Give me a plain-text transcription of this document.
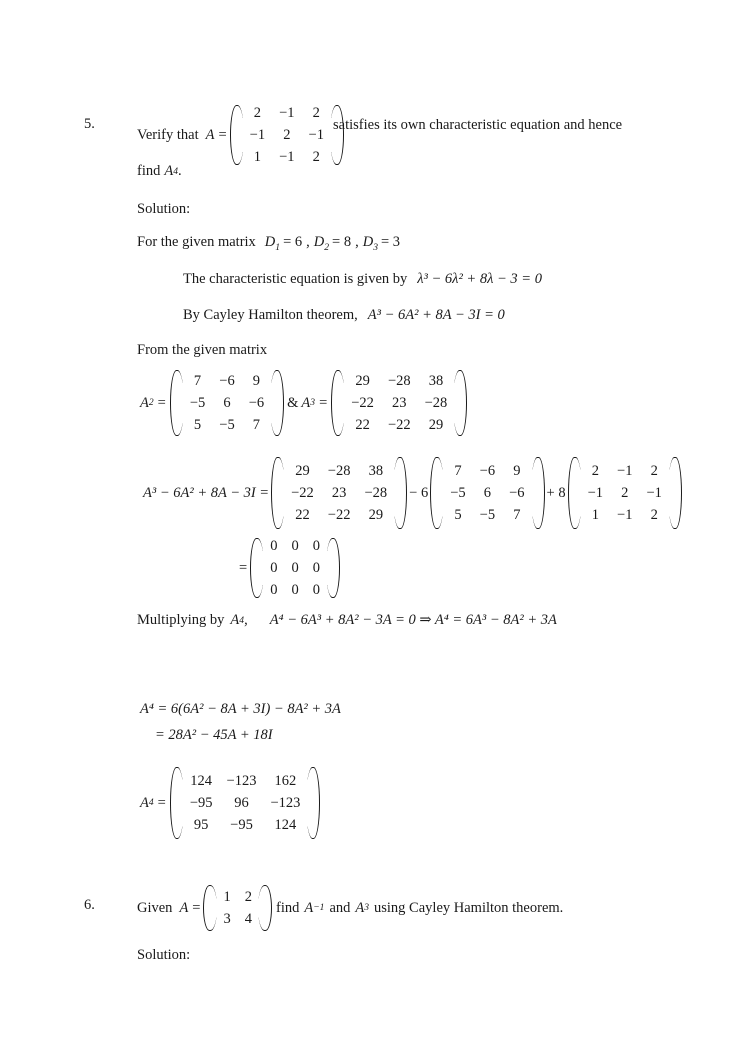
5.
Verify that A =
2	−1	2
−1	2	−1
1	−1	2
satisfies its own characteristic equation and hence
find A 4 .
Solution:
For the given matrix $D_1 = 6$ , $D_2 = 8$ , $D_3 = 3$
The characteristic equation is given by λ³ − 6λ² + 8λ − 3 = 0
By Cayley Hamilton theorem, A³ − 6A² + 8A − 3I = 0
From the given matrix
A 2 =
7	−6	9
−5	6	−6
5	−5	7
& A 3 =
29	−28	38
−22	23	−28
22	−22	29
A³ − 6A² + 8A − 3I =
29	−28	38
−22	23	−28
22	−22	29
− 6
7	−6	9
−5	6	−6
5	−5	7
+ 8
2	−1	2
−1	2	−1
1	−1	2
=
0 0 0
0 0 0
0 0 0
Multiplying by A 4 ,	A⁴ − 6A³ + 8A² − 3A = 0 ⇒ A⁴ = 6A³ − 8A² + 3A
A⁴ = 6(6A² − 8A + 3I) − 8A² + 3A
= 28A² − 45A + 18I
A 4 =
124 −123	162
−95	96	−123
95	−95	124
6.	Given A =
1 2
3 4
find A −1 and A 3 using Cayley Hamilton theorem.
Solution:
